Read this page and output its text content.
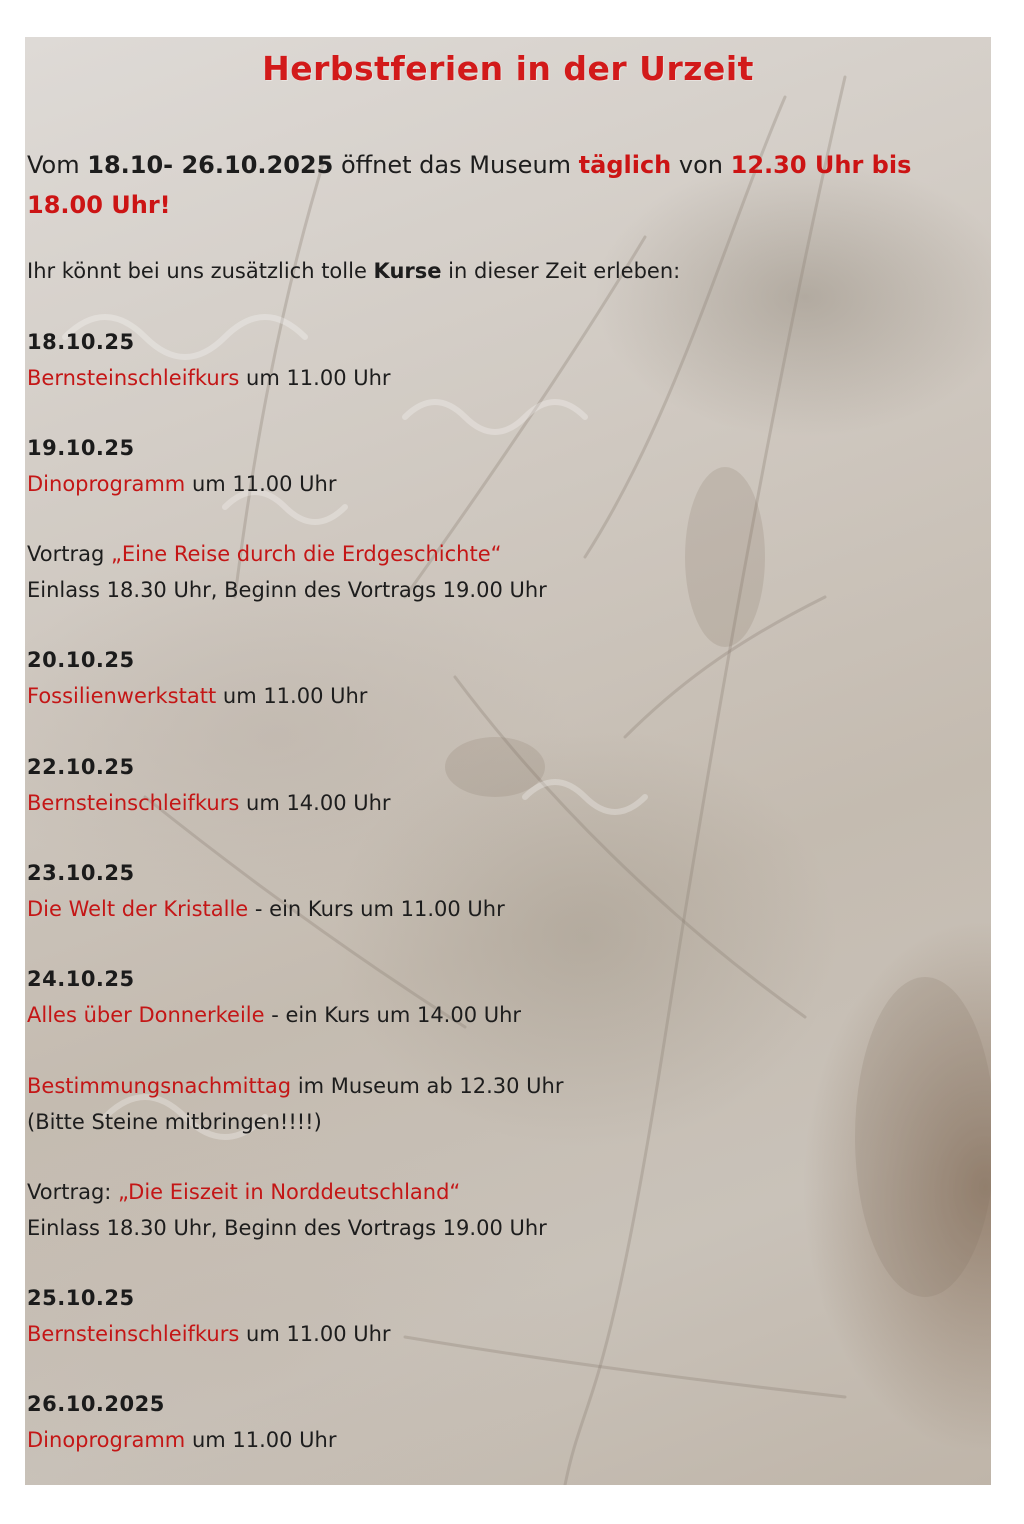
Herbstferien in der Urzeit
Vom 18.10- 26.10.2025 öffnet das Museum täglich von 12.30 Uhr bis 18.00 Uhr!
Ihr könnt bei uns zusätzlich tolle Kurse in dieser Zeit erleben:
18.10.25
Bernsteinschleifkurs um 11.00 Uhr
19.10.25
Dinoprogramm um 11.00 Uhr
Vortrag „Eine Reise durch die Erdgeschichte“
Einlass 18.30 Uhr, Beginn des Vortrags 19.00 Uhr
20.10.25
Fossilienwerkstatt um 11.00 Uhr
22.10.25
Bernsteinschleifkurs um 14.00 Uhr
23.10.25
Die Welt der Kristalle - ein Kurs um 11.00 Uhr
24.10.25
Alles über Donnerkeile - ein Kurs um 14.00 Uhr
Bestimmungsnachmittag im Museum ab 12.30 Uhr
(Bitte Steine mitbringen!!!!)
Vortrag: „Die Eiszeit in Norddeutschland“
Einlass 18.30 Uhr, Beginn des Vortrags 19.00 Uhr
25.10.25
Bernsteinschleifkurs um 11.00 Uhr
26.10.2025
Dinoprogramm um 11.00 Uhr
